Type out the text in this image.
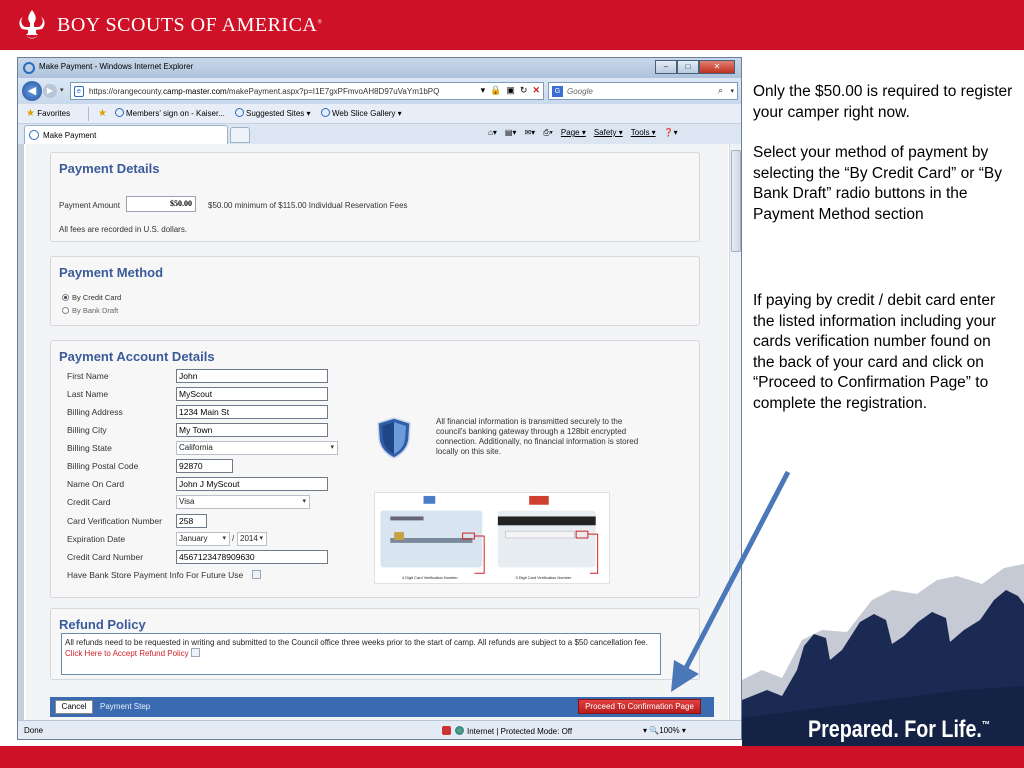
BOY SCOUTS OF AMERICA®
Make Payment - Windows Internet Explorer	–	□	✕
◀	▶ ▾	e	https://orangecounty.camp-master.com/makePayment.aspx?p=I1E7gxPFmvoAH8D97uVaYm1bPQ	▾ 🔒 ▣ ↻ ✕	G Google	⌕ ▾
★ Favorites	★	Members' sign on - Kaiser...	Suggested Sites ▾	Web Slice Gallery ▾
Make Payment	⌂▾ ▤▾ ✉▾ ⎙▾ Page ▾ Safety ▾ Tools ▾ ❓▾
Payment Details
Payment Amount	$50.00	$50.00 minimum of $115.00 Individual Reservation Fees
All fees are recorded in U.S. dollars.
Payment Method
By Credit Card
By Bank Draft
Payment Account Details
First Name	John
Last Name	MyScout
Billing Address	1234 Main St
Billing City	My Town
Billing State	California	▾
Billing Postal Code	92870
Name On Card	John J MyScout
Credit Card	Visa	▾
Card Verification Number	258
Expiration Date	January ▾ / 2014 ▾
Credit Card Number	4567123478909630
Have Bank Store Payment Info For Future Use
All financial information is transmitted securely to the council's banking gateway through a 128bit encrypted connection. Additionally, no financial information is stored locally on this site.
4 Digit Card Verification Number	3 Digit Card Verification Number
Refund Policy
All refunds need to be requested in writing and submitted to the Council office three weeks prior to the start of camp. All refunds are subject to a $50 cancellation fee.
Click Here to Accept Refund Policy
Cancel	Payment Step	Proceed To Confirmation Page
Done	Internet | Protected Mode: Off	▾ 🔍100% ▾

Only the $50.00 is required to register your camper right now.

Select your method of payment by selecting the “By Credit Card” or “By Bank Draft” radio buttons in the Payment Method section

If paying by credit / debit card enter the listed information including your cards verification number found on the back of your card and click on
“Proceed to Confirmation Page” to complete the registration.
Prepared. For Life.™
